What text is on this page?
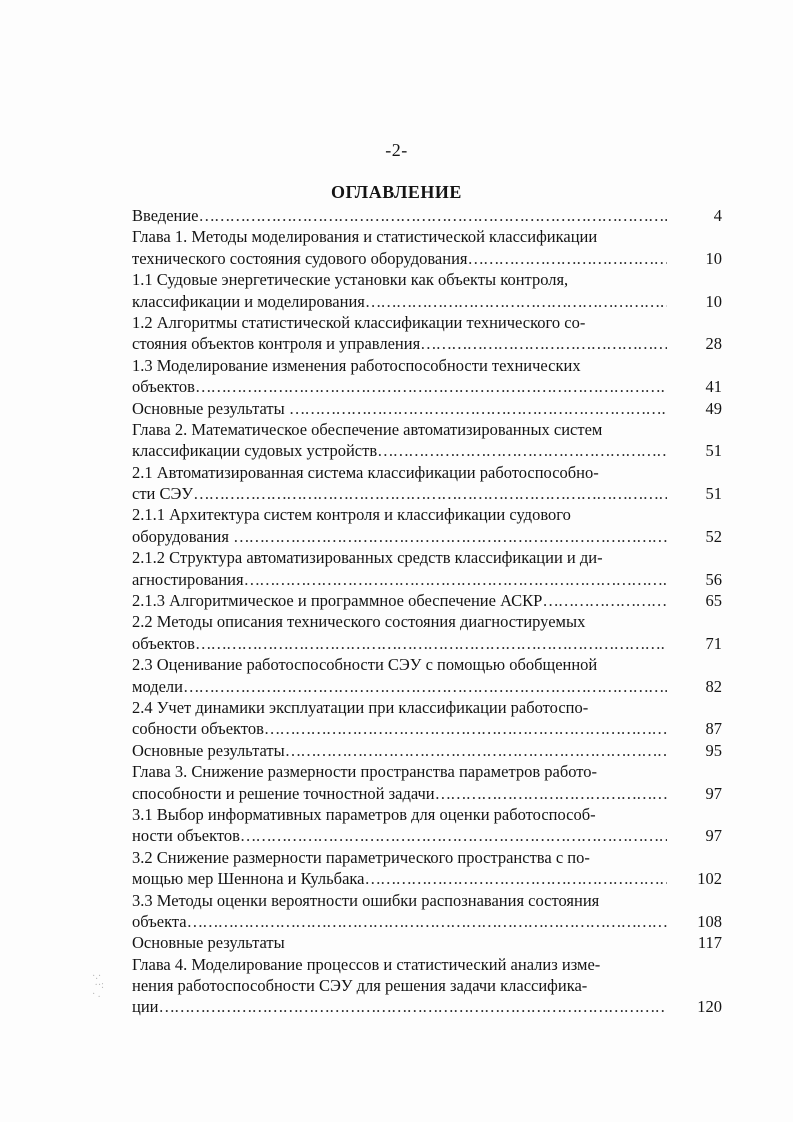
-2-
ОГЛАВЛЕНИЕ
Введение ………………………………………………………………………………………………………………………………………………………………………	4
Глава 1. Методы моделирования и статистической классификации
технического состояния судового оборудования ………………………………………………………………………………………………………………………………………………………………………	10
1.1 Судовые энергетические установки как объекты контроля,
классификации и моделирования ………………………………………………………………………………………………………………………………………………………………………	10
1.2 Алгоритмы статистической классификации технического со-
стояния объектов контроля и управления ………………………………………………………………………………………………………………………………………………………………………	28
1.3 Моделирование изменения работоспособности технических
объектов ………………………………………………………………………………………………………………………………………………………………………	41
Основные результаты ………………………………………………………………………………………………………………………………………………………………………	49
Глава 2. Математическое обеспечение автоматизированных систем
классификации судовых устройств ………………………………………………………………………………………………………………………………………………………………………	51
2.1 Автоматизированная система классификации работоспособно-
сти СЭУ ………………………………………………………………………………………………………………………………………………………………………	51
2.1.1 Архитектура систем контроля и классификации судового
оборудования ………………………………………………………………………………………………………………………………………………………………………	52
2.1.2 Структура автоматизированных средств классификации и ди-
агностирования ………………………………………………………………………………………………………………………………………………………………………	56
2.1.3 Алгоритмическое и программное обеспечение АСКР ………………………………………………………………………………………………………………………………………………………………………	65
2.2 Методы описания технического состояния диагностируемых
объектов ………………………………………………………………………………………………………………………………………………………………………	71
2.3 Оценивание работоспособности СЭУ с помощью обобщенной
модели ………………………………………………………………………………………………………………………………………………………………………	82
2.4 Учет динамики эксплуатации при классификации работоспо-
собности объектов ………………………………………………………………………………………………………………………………………………………………………	87
Основные результаты ………………………………………………………………………………………………………………………………………………………………………	95
Глава 3. Снижение размерности пространства параметров работо-
способности и решение точностной задачи ………………………………………………………………………………………………………………………………………………………………………	97
3.1 Выбор информативных параметров для оценки работоспособ-
ности объектов ………………………………………………………………………………………………………………………………………………………………………	97
3.2 Снижение размерности параметрического пространства с по-
мощью мер Шеннона и Кульбака ………………………………………………………………………………………………………………………………………………………………………	102
3.3 Методы оценки вероятности ошибки распознавания состояния
объекта ………………………………………………………………………………………………………………………………………………………………………	108
Основные результаты	117
Глава 4. Моделирование процессов и статистический анализ изме-
нения работоспособности СЭУ для решения задачи классифика-
ции ………………………………………………………………………………………………………………………………………………………………………	120
·.·
··:
· .
